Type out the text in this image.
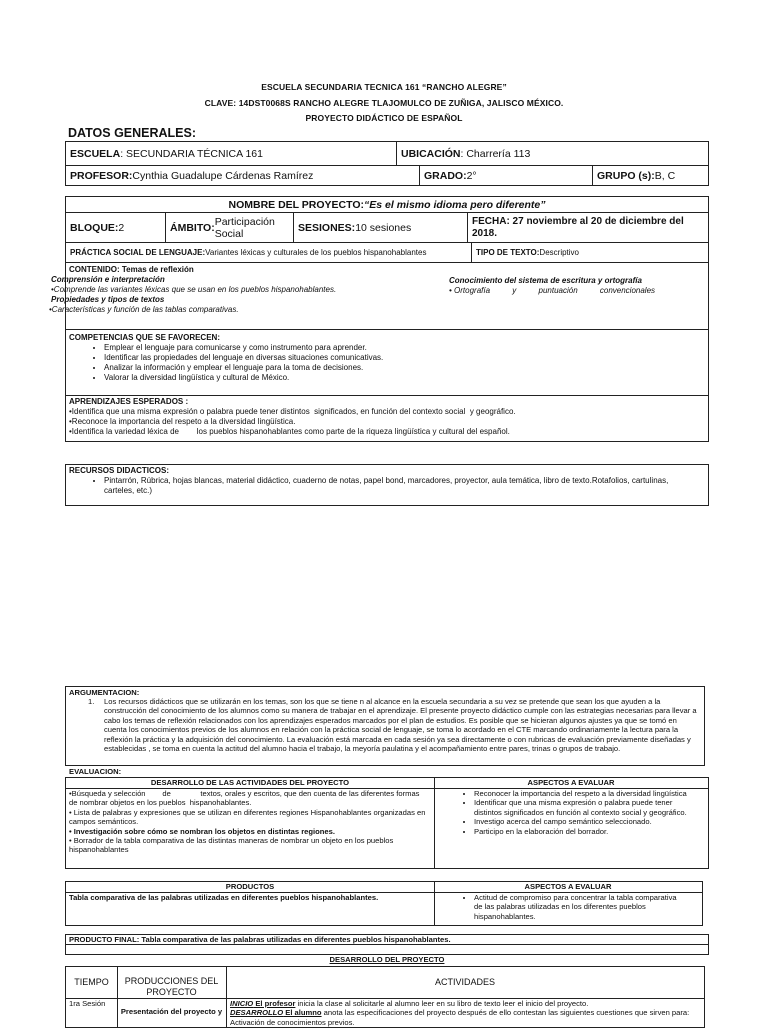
ESCUELA SECUNDARIA TECNICA 161 “RANCHO ALEGRE”
CLAVE: 14DST0068S RANCHO ALEGRE TLAJOMULCO DE ZUÑIGA, JALISCO MÉXICO.
PROYECTO DIDÁCTICO DE ESPAÑOL
DATOS GENERALES:
ESCUELA : SECUNDARIA TÉCNICA 161	UBICACIÓN : Charrería 113
PROFESOR: Cynthia Guadalupe Cárdenas Ramírez	GRADO: 2°	GRUPO (s): B, C
NOMBRE DEL PROYECTO: “Es el mismo idioma pero diferente”
BLOQUE: 2	ÁMBITO: Participación Social	SESIONES: 10 sesiones
FECHA: 27 noviembre al 20 de diciembre del 2018.
PRÁCTICA SOCIAL DE LENGUAJE: Variantes léxicas y culturales de los pueblos hispanohablantes	TIPO DE TEXTO: Descriptivo
CONTENIDO: Temas de reflexión
Comprensión e interpretación
•Comprende las variantes léxicas que se usan en los pueblos hispanohablantes.
Propiedades y tipos de textos
•Características y función de las tablas comparativas.
Conocimiento del sistema de escritura y ortografía
• Ortografía          y          puntuación          convencionales
COMPETENCIAS QUE SE FAVORECEN:
• Emplear el lenguaje para comunicarse y como instrumento para aprender.
• Identificar las propiedades del lenguaje en diversas situaciones comunicativas.
• Analizar la información y emplear el lenguaje para la toma de decisiones.
• Valorar la diversidad lingüística y cultural de México.
APRENDIZAJES ESPERADOS :
•Identifica que una misma expresión o palabra puede tener distintos  significados, en función del contexto social  y geográfico.
•Reconoce la importancia del respeto a la diversidad lingüística.
•Identifica la variedad léxica de        los pueblos hispanohablantes como parte de la riqueza lingüística y cultural del español.
RECURSOS DIDACTICOS:
• Pintarrón, Rúbrica, hojas blancas, material didáctico, cuaderno de notas, papel bond, marcadores, proyector, aula temática, libro de texto.Rotafolios, cartulinas, carteles, etc.)
ARGUMENTACION:
1. Los recursos didácticos que se utilizarán en los temas, son los que se tiene n al alcance en la escuela secundaria a su vez se pretende que sean los que ayuden a la construcción del conocimiento de los alumnos como su manera de trabajar en el aprendizaje. El presente proyecto didáctico cumple con las estrategias necesarias para llevar a cabo los temas de reflexión relacionados con los aprendizajes esperados marcados por el plan de estudios. Es posible que se hicieran algunos ajustes ya que se tomó en cuenta los conocimientos previos de los alumnos en relación con la práctica social de lenguaje, se toma lo acordado en el CTE marcando ordinariamente la lectura para la reflexión la práctica y la adquisición del conocimiento. La evaluación está marcada en cada sesión ya sea directamente o con rubricas de evaluación previamente diseñadas y establecidas , se toma en cuenta la actitud del alumno hacia el trabajo, la meyoría paulatina y el acompañamiento entre pares, trinas o grupos de trabajo.
EVALUACION:
DESARROLLO DE LAS ACTIVIDADES DEL PROYECTO	ASPECTOS A EVALUAR
•Búsqueda y selección        de              textos, orales y escritos, que den cuenta de las diferentes formas de nombrar objetos en los pueblos  hispanohablantes.
• Lista de palabras y expresiones que se utilizan en diferentes regiones Hispanohablantes organizadas en campos semánticos.
• Investigación sobre cómo se nombran los objetos en distintas regiones.
• Borrador de la tabla comparativa de las distintas maneras de nombrar un objeto en los pueblos hispanohablantes
• Reconocer la importancia del respeto a la diversidad lingüística
• Identificar que una misma expresión o palabra puede tener distintos significados en función al contexto social y geográfico.
• Investigo acerca del campo semántico seleccionado.
• Participo en la elaboración del borrador.
PRODUCTOS	ASPECTOS A EVALUAR
Tabla comparativa de las palabras utilizadas en diferentes pueblos hispanohablantes.
•	Actitud de compromiso para concentrar la tabla comparativa de las palabras utilizadas en los diferentes pueblos hispanohablantes.
PRODUCTO FINAL: Tabla comparativa de las palabras utilizadas en diferentes pueblos hispanohablantes.
DESARROLLO DEL PROYECTO
TIEMPO	PRODUCCIONES DEL PROYECTO
ACTIVIDADES
1ra Sesión
Presentación del proyecto y
INICIO El profesor inicia la clase al solicitarle al alumno leer en su libro de texto leer el inicio del proyecto.
DESARROLLO El alumno anota las especificaciones del proyecto después de ello contestan las siguientes cuestiones que sirven para: Activación de conocimientos previos.
